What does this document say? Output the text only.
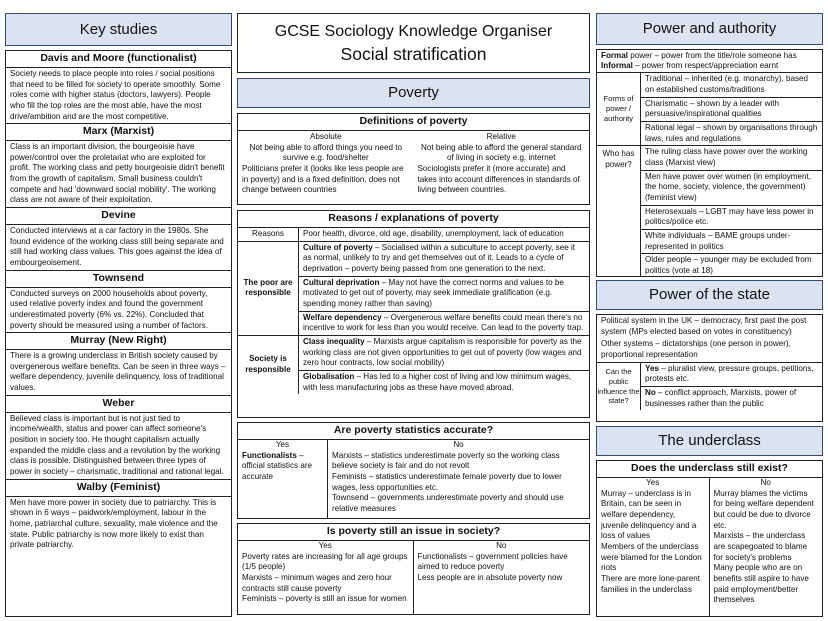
Key studies
Davis and Moore (functionalist)
Society needs to place people into roles / social positions that need to be filled for society to operate smoothly. Some roles come with higher status (doctors, lawyers). People who fill the top roles are the most able, have the most drive/ambition and are the most competitive.
Marx (Marxist)
Class is an important division, the bourgeoisie have power/control over the proletariat who are exploited for profit. The working class and petty bourgeoisie didn't benefit from the growth of capitalism. Small business couldn't compete and had 'downward social mobility'. The working class are not aware of their exploitation.
Devine
Conducted interviews at a car factory in the 1980s. She found evidence of the working class still being separate and still had working class values. This goes against the idea of embourgeoisement.
Townsend
Conducted surveys on 2000 households about poverty, used relative poverty index and found the government underestimated poverty (6% vs. 22%). Concluded that poverty should be measured using a number of factors.
Murray (New Right)
There is a growing underclass in British society caused by overgenerous welfare benefits. Can be seen in three ways – welfare dependency, juvenile delinquency, loss of traditional values.
Weber
Believed class is important but is not just tied to income/wealth, status and power can affect someone's position in society too. He thought capitalism actually expanded the middle class and a revolution by the working class is possible. Distinguished between three types of power in society – charismatic, traditional and rational legal.
Walby (Feminist)
Men have more power in society due to patriarchy. This is shown in 6 ways – paidwork/employment, labour in the home, patriarchal culture, sexuality, male violence and the state. Public patriarchy is now more likely to exist than private patriarchy.
GCSE Sociology Knowledge Organiser
Social stratification
Poverty
Definitions of poverty
Absolute
Not being able to afford things you need to survive e.g. food/shelter
Politicians prefer it (looks like less people are in poverty) and is a fixed definition, does not change between countries
Relative
Not being able to afford the general standard of living in society e.g. internet
Sociologists prefer it (more accurate) and takes into account differences in standards of living between countries.
Reasons / explanations of poverty
Reasons	Poor health, divorce, old age, disability, unemployment, lack of education
The poor are responsible
Culture of poverty – Socialised within a subculture to accept poverty, see it as normal, unlikely to try and get themselves out of it. Leads to a cycle of deprivation – poverty being passed from one generation to the next.
Cultural deprivation – May not have the correct norms and values to be motivated to get out of poverty, may seek immediate gratification (e.g. spending money rather than saving)
Welfare dependency – Overgenerous welfare benefits could mean there's no incentive to work for less than you would receive. Can lead to the poverty trap.
Society is responsible
Class inequality – Marxists argue capitalism is responsible for poverty as the working class are not given opportunities to get out of poverty (low wages and zero hour contracts, low social mobility)
Globalisation – Has led to a higher cost of living and low minimum wages, with less manufacturing jobs as these have moved abroad.
Are poverty statistics accurate?
Yes
Functionalists – official statistics are accurate
No
Marxists – statistics underestimate poverty so the working class believe society is fair and do not revolt
Feminists – statistics underestimate female poverty due to lower wages, less opportunities etc.
Townsend – governments underestimate poverty and should use relative measures
Is poverty still an issue in society?
Yes
Poverty rates are increasing for all age groups (1/5 people)
Marxists – minimum wages and zero hour contracts still cause poverty
Feminists – poverty is still an issue for women
No
Functionalists – government policies have aimed to reduce poverty
Less people are in absolute poverty now
Power and authority
Formal power – power from the title/role someone has
Informal – power from respect/appreciation earnt
Forms of power / authority
Traditional – inherited (e.g. monarchy), based on established customs/traditions
Charismatic – shown by a leader with persuasive/inspirational qualities
Rational legal – shown by organisations through laws, rules and regulations
Who has power?
The ruling class have power over the working class (Marxist view)
Men have power over women (in employment, the home, society, violence, the government) (feminist view)
Heterosexuals – LGBT may have less power in politics/police etc.
White individuals – BAME groups under-represented in politics
Older people – younger may be excluded from politics (vote at 18)
Power of the state
Political system in the UK – democracy, first past the post system (MPs elected based on votes in constituency)
Other systems – dictatorships (one person in power), proportional representation
Can the public influence the state?
Yes – pluralist view, pressure groups, petitions, protests etc.
No – conflict approach, Marxists, power of businesses rather than the public
The underclass
Does the underclass still exist?
Yes
Murray – underclass is in Britain, can be seen in welfare dependency, juvenile delinquency and a loss of values
Members of the underclass were blamed for the London riots
There are more lone-parent families in the underclass
No
Murray blames the victims for being welfare dependent but could be due to divorce etc.
Marxists – the underclass are scapegoated to blame for society's problems
Many people who are on benefits still aspire to have paid employment/better themselves
